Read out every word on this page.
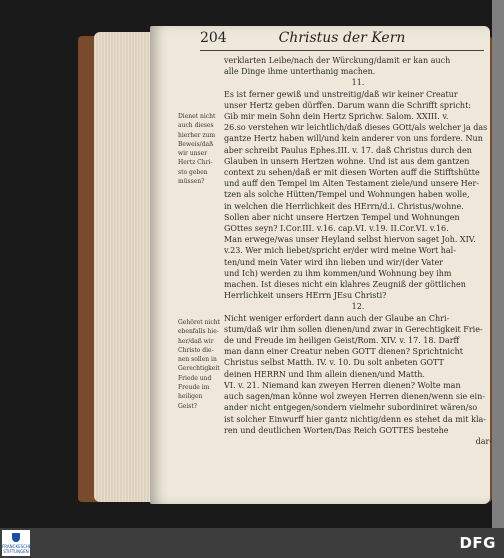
204	Christus der Kern
Dienet nicht
auch dieses
hierher zum
Beweis/daß
wir unser
Hertz Chri-
sto geben
müssen?
Gehöret nicht
ebenfalls hie-
her/daß wir
Christo die-
nen sollen in
Gerechtigkeit
Friede und
Freude im
heiligen
Geist?
verklarten Leibe/nach der Würckung/damit er kan auch
alle Dinge ihme unterthanig machen.
11.
Es ist ferner gewiß und unstreitig/daß wir keiner Creatur
unser Hertz geben dürffen. Darum wann die Schrifft spricht:
Gib mir mein Sohn dein Hertz Sprichw. Salom. XXIII. v.
26.so verstehen wir leichtlich/daß dieses GOtt/als welcher ja das
gantze Hertz haben will/und kein anderer von uns fordere. Nun
aber schreibt Paulus Ephes.III. v. 17. daß Christus durch den
Glauben in unsern Hertzen wohne. Und ist aus dem gantzen
context zu sehen/daß er mit diesen Worten auff die Stifftshütte
und auff den Tempel im Alten Testament ziele/und unsere Her-
tzen als solche Hütten/Tempel und Wohnungen haben wolle,
in welchen die Herrlichkeit des HErrn/d.i. Christus/wohne.
Sollen aber nicht unsere Hertzen Tempel und Wohnungen
GOttes seyn? I.Cor.III. v.16. cap.VI. v.19. II.Cor.VI. v.16.
Man erwege/was unser Heyland selbst hiervon saget Joh. XIV.
v.23. Wer mich liebet/spricht er/der wird meine Wort hal-
ten/und mein Vater wird ihn lieben und wir/(der Vater
und Ich) werden zu ihm kommen/und Wohnung bey ihm
machen. Ist dieses nicht ein klahres Zeugniß der göttlichen
Herrlichkeit unsers HErrn JEsu Christi?
12.
Nicht weniger erfordert dann auch der Glaube an Chri-
stum/daß wir ihm sollen dienen/und zwar in Gerechtigkeit Frie-
de und Freude im heiligen Geist/Rom. XIV. v. 17. 18. Darff
man dann einer Creatur neben GOTT dienen? Sprichtnicht
Christus selbst Matth. IV. v. 10. Du solt anbeten GOTT
deinen HERRN und Ihm allein dienen/und Matth.
VI. v. 21. Niemand kan zweyen Herren dienen? Wolte man
auch sagen/man könne wol zweyen Herren dienen/wenn sie ein-
ander nicht entgegen/sondern vielmehr subordiniret wären/so
ist solcher Einwurff hier gantz nichtig/denn es stehet da mit kla-
ren und deutlichen Worten/Das Reich GOTTES bestehe
dar-
FRANCKESCHE STIFTUNGEN	DFG
